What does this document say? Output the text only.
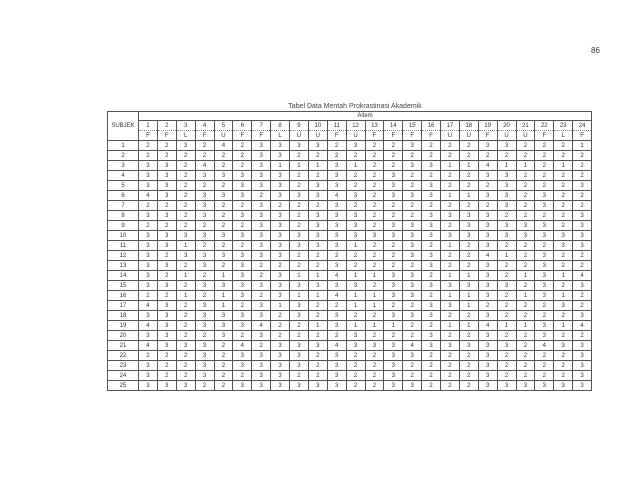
86
Tabel Data Mentah Prokrastinasi Akademik
SUBJEK	Aitem																							
	1	2	3	4	5	6	7	8	9	10	11	12	13	14	15	16	17	18	19	20	21	22	23	24
	F	F	L	F	U	F	F	L	U	U	F	U	F	F	F	F	U	U	F	U	U	F	L	F
1	2	2	3	2	4	2	3	3	3	3	2	3	2	2	3	2	2	2	3	3	2	2	2	1
2	2	2	2	2	2	2	3	3	2	2	2	2	2	2	2	2	2	2	2	2	2	2	2	2
3	3	3	2	4	2	2	3	1	1	1	3	1	2	2	3	3	1	1	4	1	1	2	1	2
4	3	3	2	3	3	3	3	3	2	2	3	2	2	3	2	2	2	2	3	3	2	2	2	2
5	3	3	2	2	2	3	3	3	2	3	3	2	2	3	2	3	2	2	2	3	2	2	2	3
6	4	3	2	3	3	3	2	3	3	3	4	3	2	3	3	3	1	1	3	3	2	3	2	2
7	2	2	2	3	2	2	3	2	2	2	3	2	2	2	2	2	2	2	2	3	2	3	2	2
8	3	3	2	3	2	3	3	3	2	3	3	3	2	2	2	3	3	3	3	2	2	2	2	3
9	2	2	2	2	2	2	3	3	2	3	3	3	2	3	3	3	2	3	3	3	3	3	2	3
10	3	3	3	3	3	3	3	3	3	3	3	3	3	3	3	3	3	3	3	3	3	3	3	3
11	3	3	1	2	2	2	3	3	3	3	3	1	2	2	3	2	1	2	3	2	2	2	3	3
12	3	2	3	3	3	3	3	3	2	2	2	2	2	2	3	3	2	2	4	1	2	3	2	2
13	3	3	2	3	2	3	2	2	2	2	3	2	2	2	2	3	2	2	3	2	2	3	2	2
14	3	2	1	2	1	3	2	3	1	1	4	1	1	3	3	2	1	1	3	2	1	3	1	4
15	3	3	2	3	3	3	3	3	3	3	3	3	2	3	3	3	3	3	3	3	2	3	2	3
16	2	2	1	2	1	3	2	3	1	1	4	1	1	3	3	2	1	1	3	2	1	3	1	2
17	4	3	2	3	1	2	3	1	3	2	2	1	1	2	2	3	3	1	2	2	2	2	3	2
18	3	3	2	3	3	3	3	2	3	2	3	2	2	3	3	3	2	2	3	2	2	2	2	3
19	4	3	2	3	3	3	4	2	2	1	3	1	1	1	2	2	1	1	4	1	1	3	1	4
20	3	3	2	2	3	2	3	2	2	2	2	3	2	2	2	3	2	2	3	2	2	3	2	2
21	4	3	3	3	2	4	2	3	3	3	4	3	3	3	4	3	3	3	3	3	2	4	3	3
22	2	2	2	3	2	3	3	3	3	2	3	2	2	3	3	2	2	2	3	2	2	2	2	3
23	3	2	2	3	2	3	3	3	3	2	3	2	2	3	2	2	2	2	3	2	2	2	2	3
24	3	2	2	3	2	2	3	3	2	2	3	2	2	3	2	2	2	2	3	2	2	2	2	3
25	3	3	3	2	2	3	3	3	3	3	3	2	2	3	3	2	2	2	3	3	3	3	3	3
